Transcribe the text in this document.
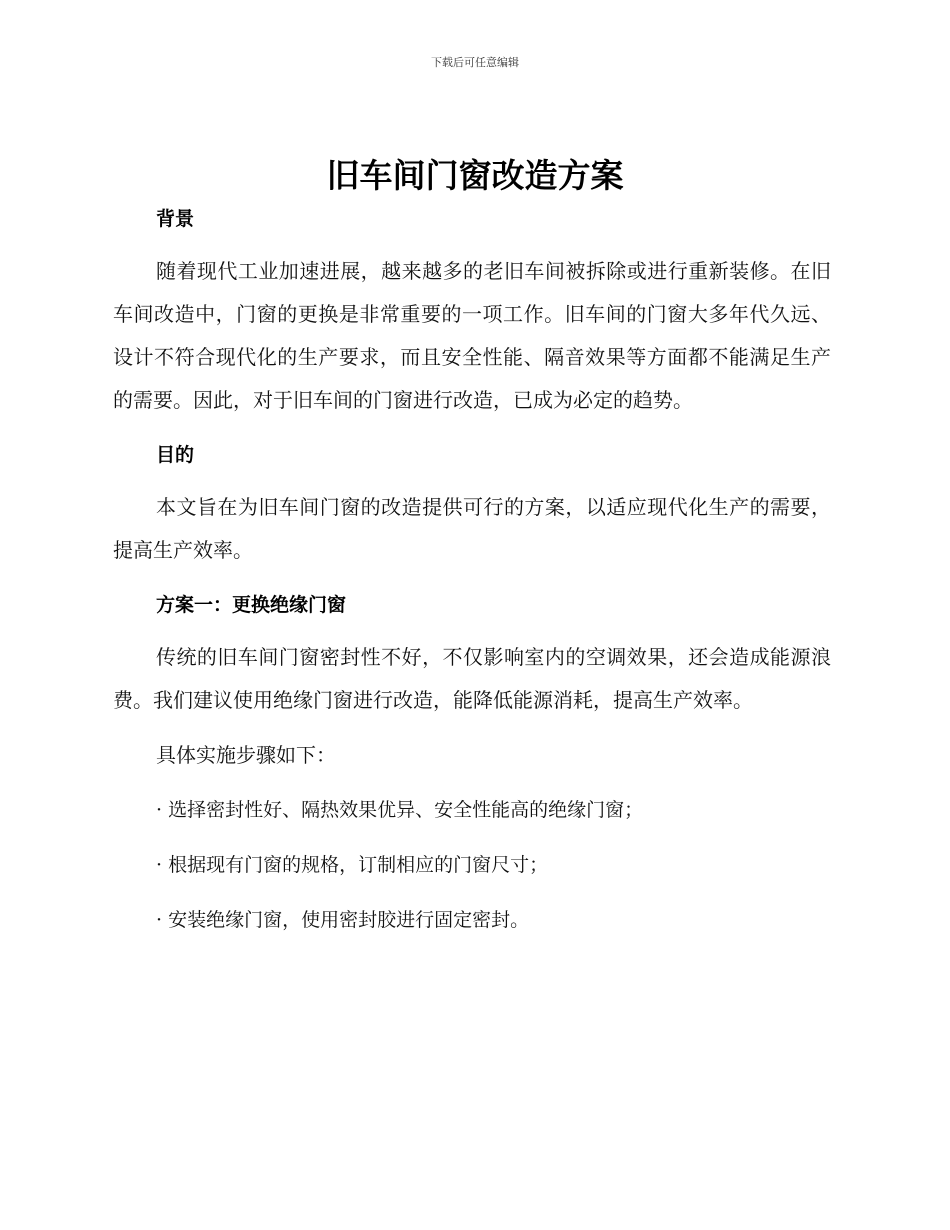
下载后可任意编辑
旧车间门窗改造方案
背景

随着现代工业加速进展，越来越多的老旧车间被拆除或进行重新装修。在旧车间改造中，门窗的更换是非常重要的一项工作。旧车间的门窗大多年代久远、设计不符合现代化的生产要求，而且安全性能、隔音效果等方面都不能满足生产的需要。因此，对于旧车间的门窗进行改造，已成为必定的趋势。

目的

本文旨在为旧车间门窗的改造提供可行的方案，以适应现代化生产的需要，提高生产效率。

方案一：更换绝缘门窗

传统的旧车间门窗密封性不好，不仅影响室内的空调效果，还会造成能源浪费。我们建议使用绝缘门窗进行改造，能降低能源消耗，提高生产效率。

具体实施步骤如下：

· 选择密封性好、隔热效果优异、安全性能高的绝缘门窗；

· 根据现有门窗的规格，订制相应的门窗尺寸；

· 安装绝缘门窗，使用密封胶进行固定密封。
